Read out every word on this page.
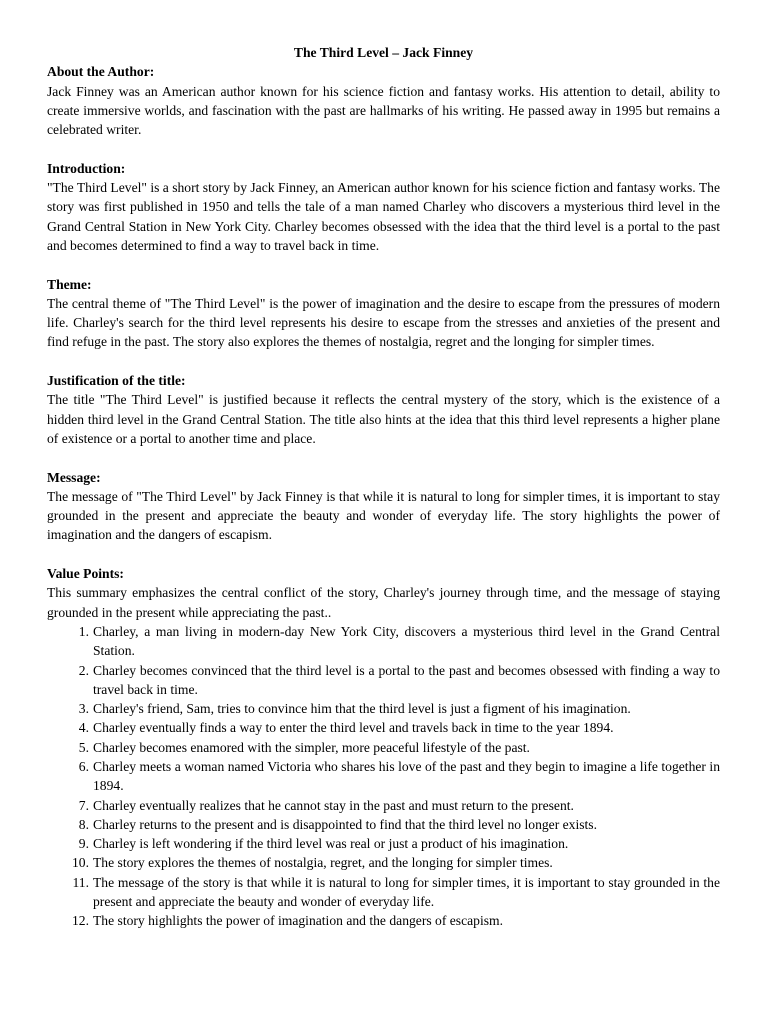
The Third Level – Jack Finney

About the Author:

Jack Finney was an American author known for his science fiction and fantasy works. His attention to detail, ability to create immersive worlds, and fascination with the past are hallmarks of his writing. He passed away in 1995 but remains a celebrated writer.

Introduction:

"The Third Level" is a short story by Jack Finney, an American author known for his science fiction and fantasy works. The story was first published in 1950 and tells the tale of a man named Charley who discovers a mysterious third level in the Grand Central Station in New York City. Charley becomes obsessed with the idea that the third level is a portal to the past and becomes determined to find a way to travel back in time.

Theme:

The central theme of "The Third Level" is the power of imagination and the desire to escape from the pressures of modern life. Charley's search for the third level represents his desire to escape from the stresses and anxieties of the present and find refuge in the past. The story also explores the themes of nostalgia, regret and the longing for simpler times.

Justification of the title:

The title "The Third Level" is justified because it reflects the central mystery of the story, which is the existence of a hidden third level in the Grand Central Station. The title also hints at the idea that this third level represents a higher plane of existence or a portal to another time and place.

Message:

The message of "The Third Level" by Jack Finney is that while it is natural to long for simpler times, it is important to stay grounded in the present and appreciate the beauty and wonder of everyday life. The story highlights the power of imagination and the dangers of escapism.

Value Points:

This summary emphasizes the central conflict of the story, Charley's journey through time, and the message of staying grounded in the present while appreciating the past..

1. Charley, a man living in modern-day New York City, discovers a mysterious third level in the Grand Central Station.
2. Charley becomes convinced that the third level is a portal to the past and becomes obsessed with finding a way to travel back in time.
3. Charley's friend, Sam, tries to convince him that the third level is just a figment of his imagination.
4. Charley eventually finds a way to enter the third level and travels back in time to the year 1894.
5. Charley becomes enamored with the simpler, more peaceful lifestyle of the past.
6. Charley meets a woman named Victoria who shares his love of the past and they begin to imagine a life together in 1894.
7. Charley eventually realizes that he cannot stay in the past and must return to the present.
8. Charley returns to the present and is disappointed to find that the third level no longer exists.
9. Charley is left wondering if the third level was real or just a product of his imagination.
10. The story explores the themes of nostalgia, regret, and the longing for simpler times.
11. The message of the story is that while it is natural to long for simpler times, it is important to stay grounded in the present and appreciate the beauty and wonder of everyday life.
12. The story highlights the power of imagination and the dangers of escapism.
